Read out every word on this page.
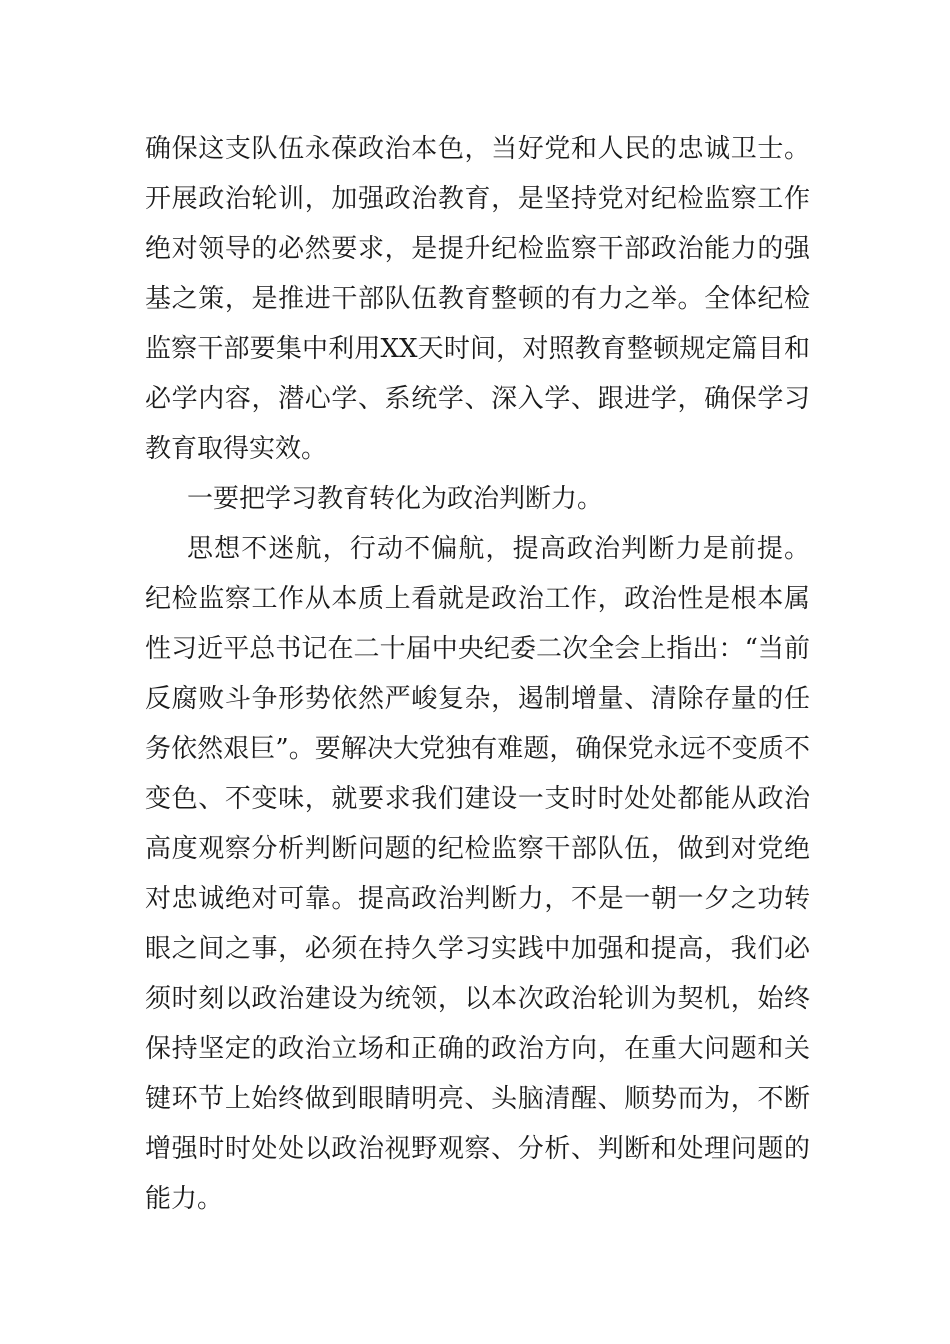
确保这支队伍永葆政治本色，当好党和人民的忠诚卫士。开展政治轮训，加强政治教育，是坚持党对纪检监察工作绝对领导的必然要求，是提升纪检监察干部政治能力的强基之策，是推进干部队伍教育整顿的有力之举。全体纪检监察干部要集中利用XX天时间，对照教育整顿规定篇目和必学内容，潜心学、系统学、深入学、跟进学，确保学习教育取得实效。

一要把学习教育转化为政治判断力。

思想不迷航，行动不偏航，提高政治判断力是前提。纪检监察工作从本质上看就是政治工作，政治性是根本属性习近平总书记在二十届中央纪委二次全会上指出：“当前反腐败斗争形势依然严峻复杂，遏制增量、清除存量的任务依然艰巨”。要解决大党独有难题，确保党永远不变质不变色、不变味，就要求我们建设一支时时处处都能从政治高度观察分析判断问题的纪检监察干部队伍，做到对党绝对忠诚绝对可靠。提高政治判断力，不是一朝一夕之功转眼之间之事，必须在持久学习实践中加强和提高，我们必须时刻以政治建设为统领，以本次政治轮训为契机，始终保持坚定的政治立场和正确的政治方向，在重大问题和关键环节上始终做到眼睛明亮、头脑清醒、顺势而为，不断增强时时处处以政治视野观察、分析、判断和处理问题的能力。
